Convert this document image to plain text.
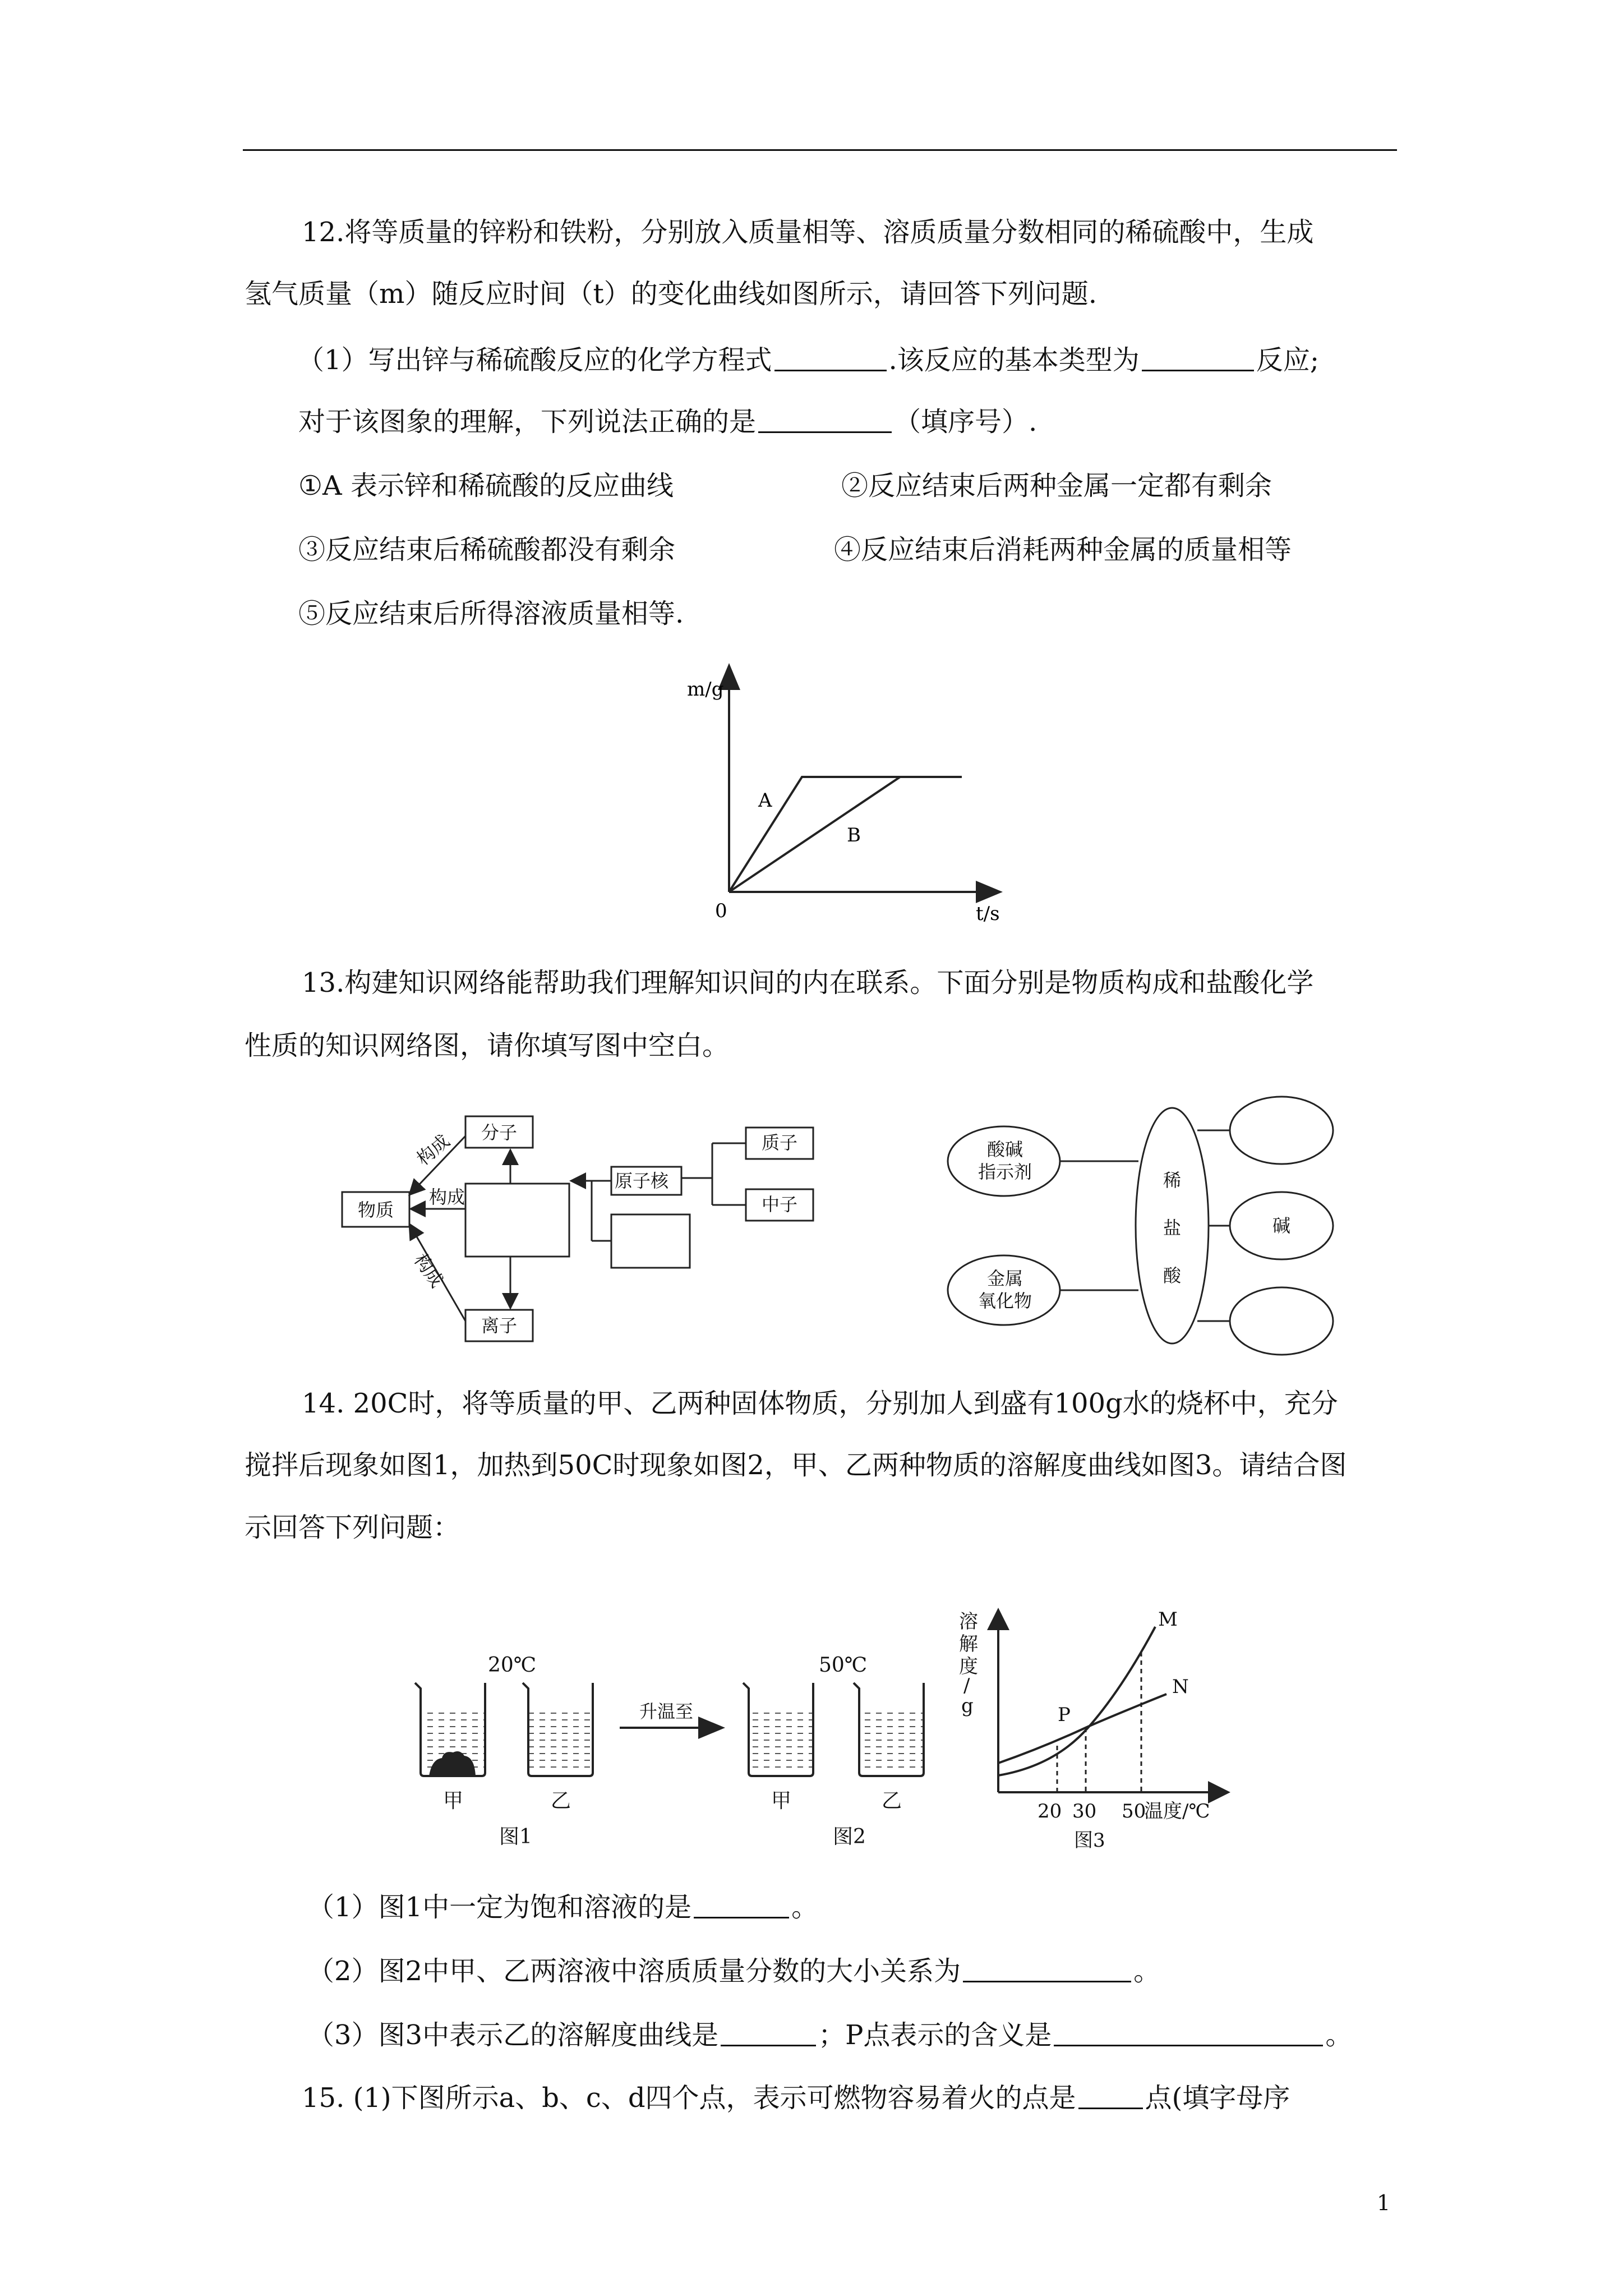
12.将等质量的锌粉和铁粉，分别放入质量相等、溶质质量分数相同的稀硫酸中，生成
氢气质量（m）随反应时间（t）的变化曲线如图所示，请回答下列问题.
（1）写出锌与稀硫酸反应的化学方程式	.该反应的基本类型为	反应;
对于该图象的理解，下列说法正确的是	（填序号）.
①A 表示锌和稀硫酸的反应曲线	②反应结束后两种金属一定都有剩余
③反应结束后稀硫酸都没有剩余	④反应结束后消耗两种金属的质量相等
⑤反应结束后所得溶液质量相等.
m/g
t/s
0
A
B
13.构建知识网络能帮助我们理解知识间的内在联系。下面分别是物质构成和盐酸化学
性质的知识网络图，请你填写图中空白。
物质
分子
离子
原子核
质子
中子
构成
构成
构成
稀
盐
酸
酸碱
指示剂
金属
氧化物
碱
14. 20C时，将等质量的甲、乙两种固体物质，分别加人到盛有100g水的烧杯中，充分
搅拌后现象如图1，加热到50C时现象如图2，甲、乙两种物质的溶解度曲线如图3。请结合图
示回答下列问题：
20℃	50℃
升温至
甲	乙	甲	乙
图1	图2
溶
解
度
/
g
M
N
P
20 30 50
温度/℃
图3
（1）图1中一定为饱和溶液的是	。
（2）图2中甲、乙两溶液中溶质质量分数的大小关系为	。
（3）图3中表示乙的溶解度曲线是	；P点表示的含义是	。
15. (1)下图所示a、b、c、d四个点，表示可燃物容易着火的点是	点(填字母序
1
